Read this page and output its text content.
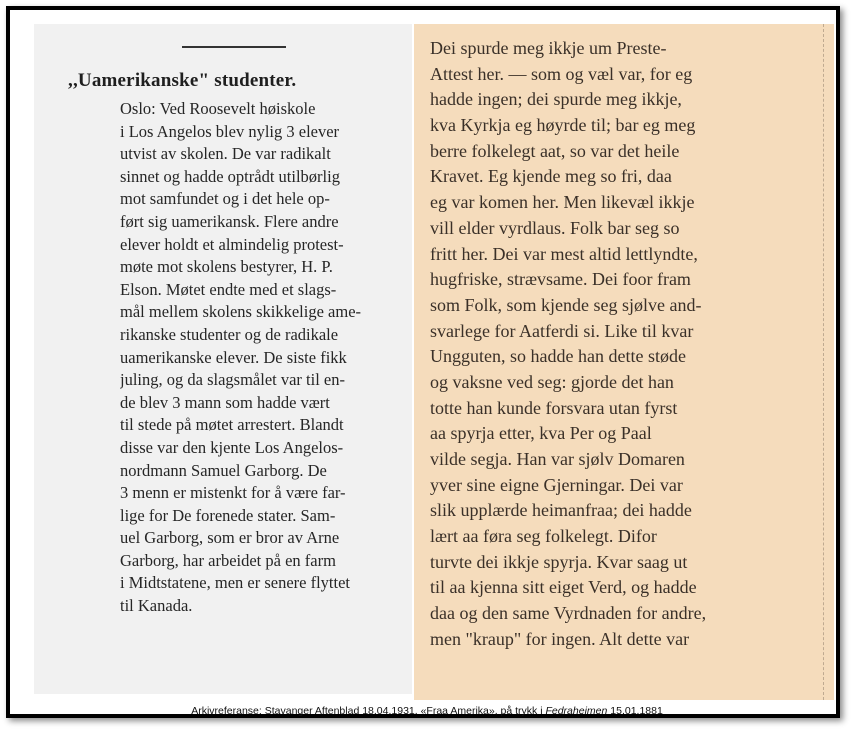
,,Uamerikanske" studenter.
Oslo: Ved Roosevelt høiskole
i Los Angelos blev nylig 3 elever
utvist av skolen. De var radikalt
sinnet og hadde optrådt utilbørlig
mot samfundet og i det hele op-
ført sig uamerikansk. Flere andre
elever holdt et almindelig protest-
møte mot skolens bestyrer, H. P.
Elson. Møtet endte med et slags-
mål mellem skolens skikkelige ame-
rikanske studenter og de radikale
uamerikanske elever. De siste fikk
juling, og da slagsmålet var til en-
de blev 3 mann som hadde vært
til stede på møtet arrestert. Blandt
disse var den kjente Los Angelos-
nordmann Samuel Garborg. De
3 menn er mistenkt for å være far-
lige for De forenede stater. Sam-
uel Garborg, som er bror av Arne
Garborg, har arbeidet på en farm
i Midtstatene, men er senere flyttet
til Kanada.
Dei spurde meg ikkje um Preste-
Attest her. — som og væl var, for eg
hadde ingen; dei spurde meg ikkje,
kva Kyrkja eg høyrde til; bar eg meg
berre folkelegt aat, so var det heile
Kravet. Eg kjende meg so fri, daa
eg var komen her. Men likevæl ikkje
vill elder vyrdlaus. Folk bar seg so
fritt her. Dei var mest altid lettlyndte,
hugfriske, strævsame. Dei foor fram
som Folk, som kjende seg sjølve and-
svarlege for Aatferdi si. Like til kvar
Ungguten, so hadde han dette støde
og vaksne ved seg: gjorde det han
totte han kunde forsvara utan fyrst
aa spyrja etter, kva Per og Paal
vilde segja. Han var sjølv Domaren
yver sine eigne Gjerningar. Dei var
slik upplærde heimanfraa; dei hadde
lært aa føra seg folkelegt. Difor
turvte dei ikkje spyrja. Kvar saag ut
til aa kjenna sitt eiget Verd, og hadde
daa og den same Vyrdnaden for andre,
men "kraup" for ingen. Alt dette var
Arkivreferanse: Stavanger Aftenblad 18.04.1931. «Fraa Amerika», på trykk i Fedraheimen 15.01.1881
